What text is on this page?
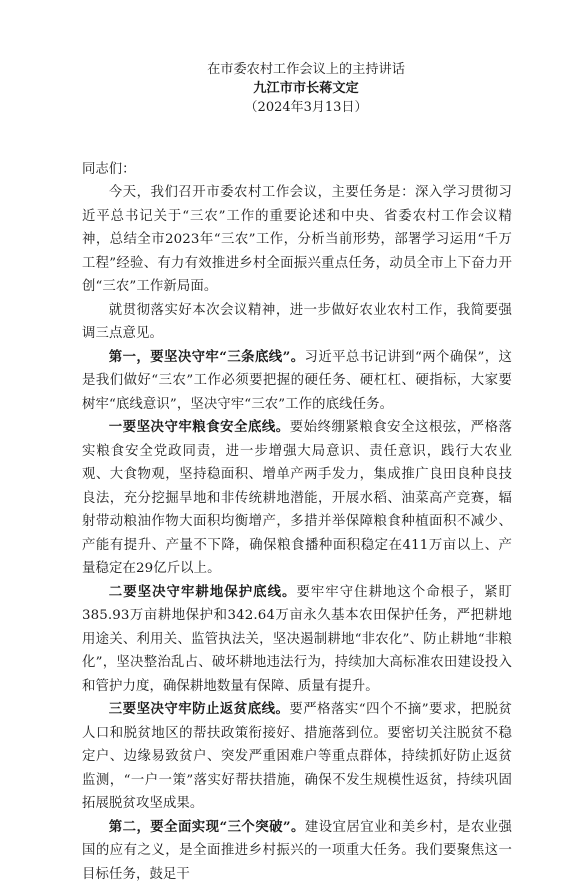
在市委农村工作会议上的主持讲话

九江市市长蒋文定

（2024年3月13日）

同志们：

今天，我们召开市委农村工作会议，主要任务是：深入学习贯彻习近平总书记关于“三农”工作的重要论述和中央、省委农村工作会议精神，总结全市2023年“三农”工作，分析当前形势，部署学习运用“千万工程”经验、有力有效推进乡村全面振兴重点任务，动员全市上下奋力开创“三农”工作新局面。

就贯彻落实好本次会议精神，进一步做好农业农村工作，我简要强调三点意见。

第一，要坚决守牢“三条底线”。习近平总书记讲到“两个确保”，这是我们做好“三农”工作必须要把握的硬任务、硬杠杠、硬指标，大家要树牢“底线意识”，坚决守牢“三农”工作的底线任务。

一要坚决守牢粮食安全底线。要始终绷紧粮食安全这根弦，严格落实粮食安全党政同责，进一步增强大局意识、责任意识，践行大农业观、大食物观，坚持稳面积、增单产两手发力，集成推广良田良种良技良法，充分挖掘旱地和非传统耕地潜能，开展水稻、油菜高产竞赛，辐射带动粮油作物大面积均衡增产，多措并举保障粮食种植面积不减少、产能有提升、产量不下降，确保粮食播种面积稳定在411万亩以上、产量稳定在29亿斤以上。

二要坚决守牢耕地保护底线。要牢牢守住耕地这个命根子，紧盯385.93万亩耕地保护和342.64万亩永久基本农田保护任务，严把耕地用途关、利用关、监管执法关，坚决遏制耕地“非农化”、防止耕地“非粮化”，坚决整治乱占、破坏耕地违法行为，持续加大高标准农田建设投入和管护力度，确保耕地数量有保障、质量有提升。

三要坚决守牢防止返贫底线。要严格落实“四个不摘”要求，把脱贫人口和脱贫地区的帮扶政策衔接好、措施落到位。要密切关注脱贫不稳定户、边缘易致贫户、突发严重困难户等重点群体，持续抓好防止返贫监测，“一户一策”落实好帮扶措施，确保不发生规模性返贫，持续巩固拓展脱贫攻坚成果。

第二，要全面实现“三个突破”。建设宜居宜业和美乡村，是农业强国的应有之义，是全面推进乡村振兴的一项重大任务。我们要聚焦这一目标任务，鼓足干
